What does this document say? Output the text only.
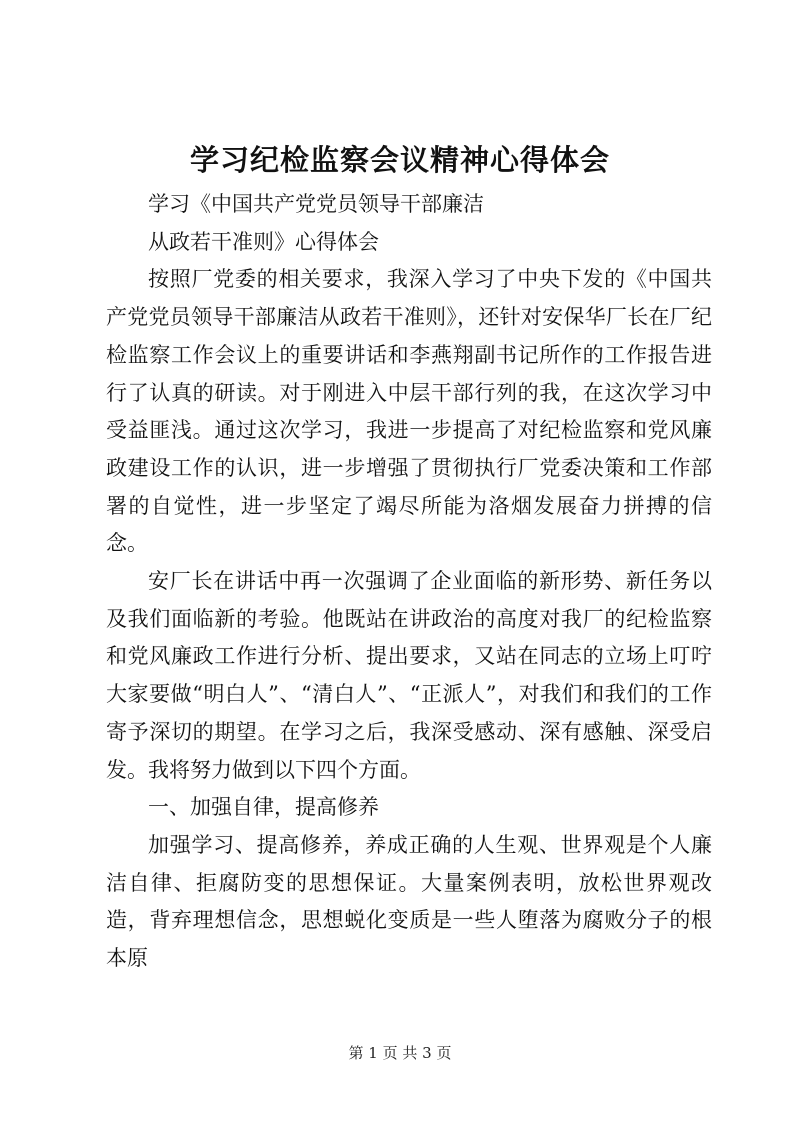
学习纪检监察会议精神心得体会

学习《中国共产党党员领导干部廉洁

从政若干准则》心得体会

按照厂党委的相关要求，我深入学习了中央下发的《中国共产党党员领导干部廉洁从政若干准则》，还针对安保华厂长在厂纪检监察工作会议上的重要讲话和李燕翔副书记所作的工作报告进行了认真的研读。对于刚进入中层干部行列的我，在这次学习中受益匪浅。通过这次学习，我进一步提高了对纪检监察和党风廉政建设工作的认识，进一步增强了贯彻执行厂党委决策和工作部署的自觉性，进一步坚定了竭尽所能为洛烟发展奋力拼搏的信念。

安厂长在讲话中再一次强调了企业面临的新形势、新任务以及我们面临新的考验。他既站在讲政治的高度对我厂的纪检监察和党风廉政工作进行分析、提出要求，又站在同志的立场上叮咛大家要做“明白人”、“清白人”、“正派人”，对我们和我们的工作寄予深切的期望。在学习之后，我深受感动、深有感触、深受启发。我将努力做到以下四个方面。

一、加强自律，提高修养

加强学习、提高修养，养成正确的人生观、世界观是个人廉洁自律、拒腐防变的思想保证。大量案例表明，放松世界观改造，背弃理想信念，思想蜕化变质是一些人堕落为腐败分子的根本原

第 1 页 共 3 页
